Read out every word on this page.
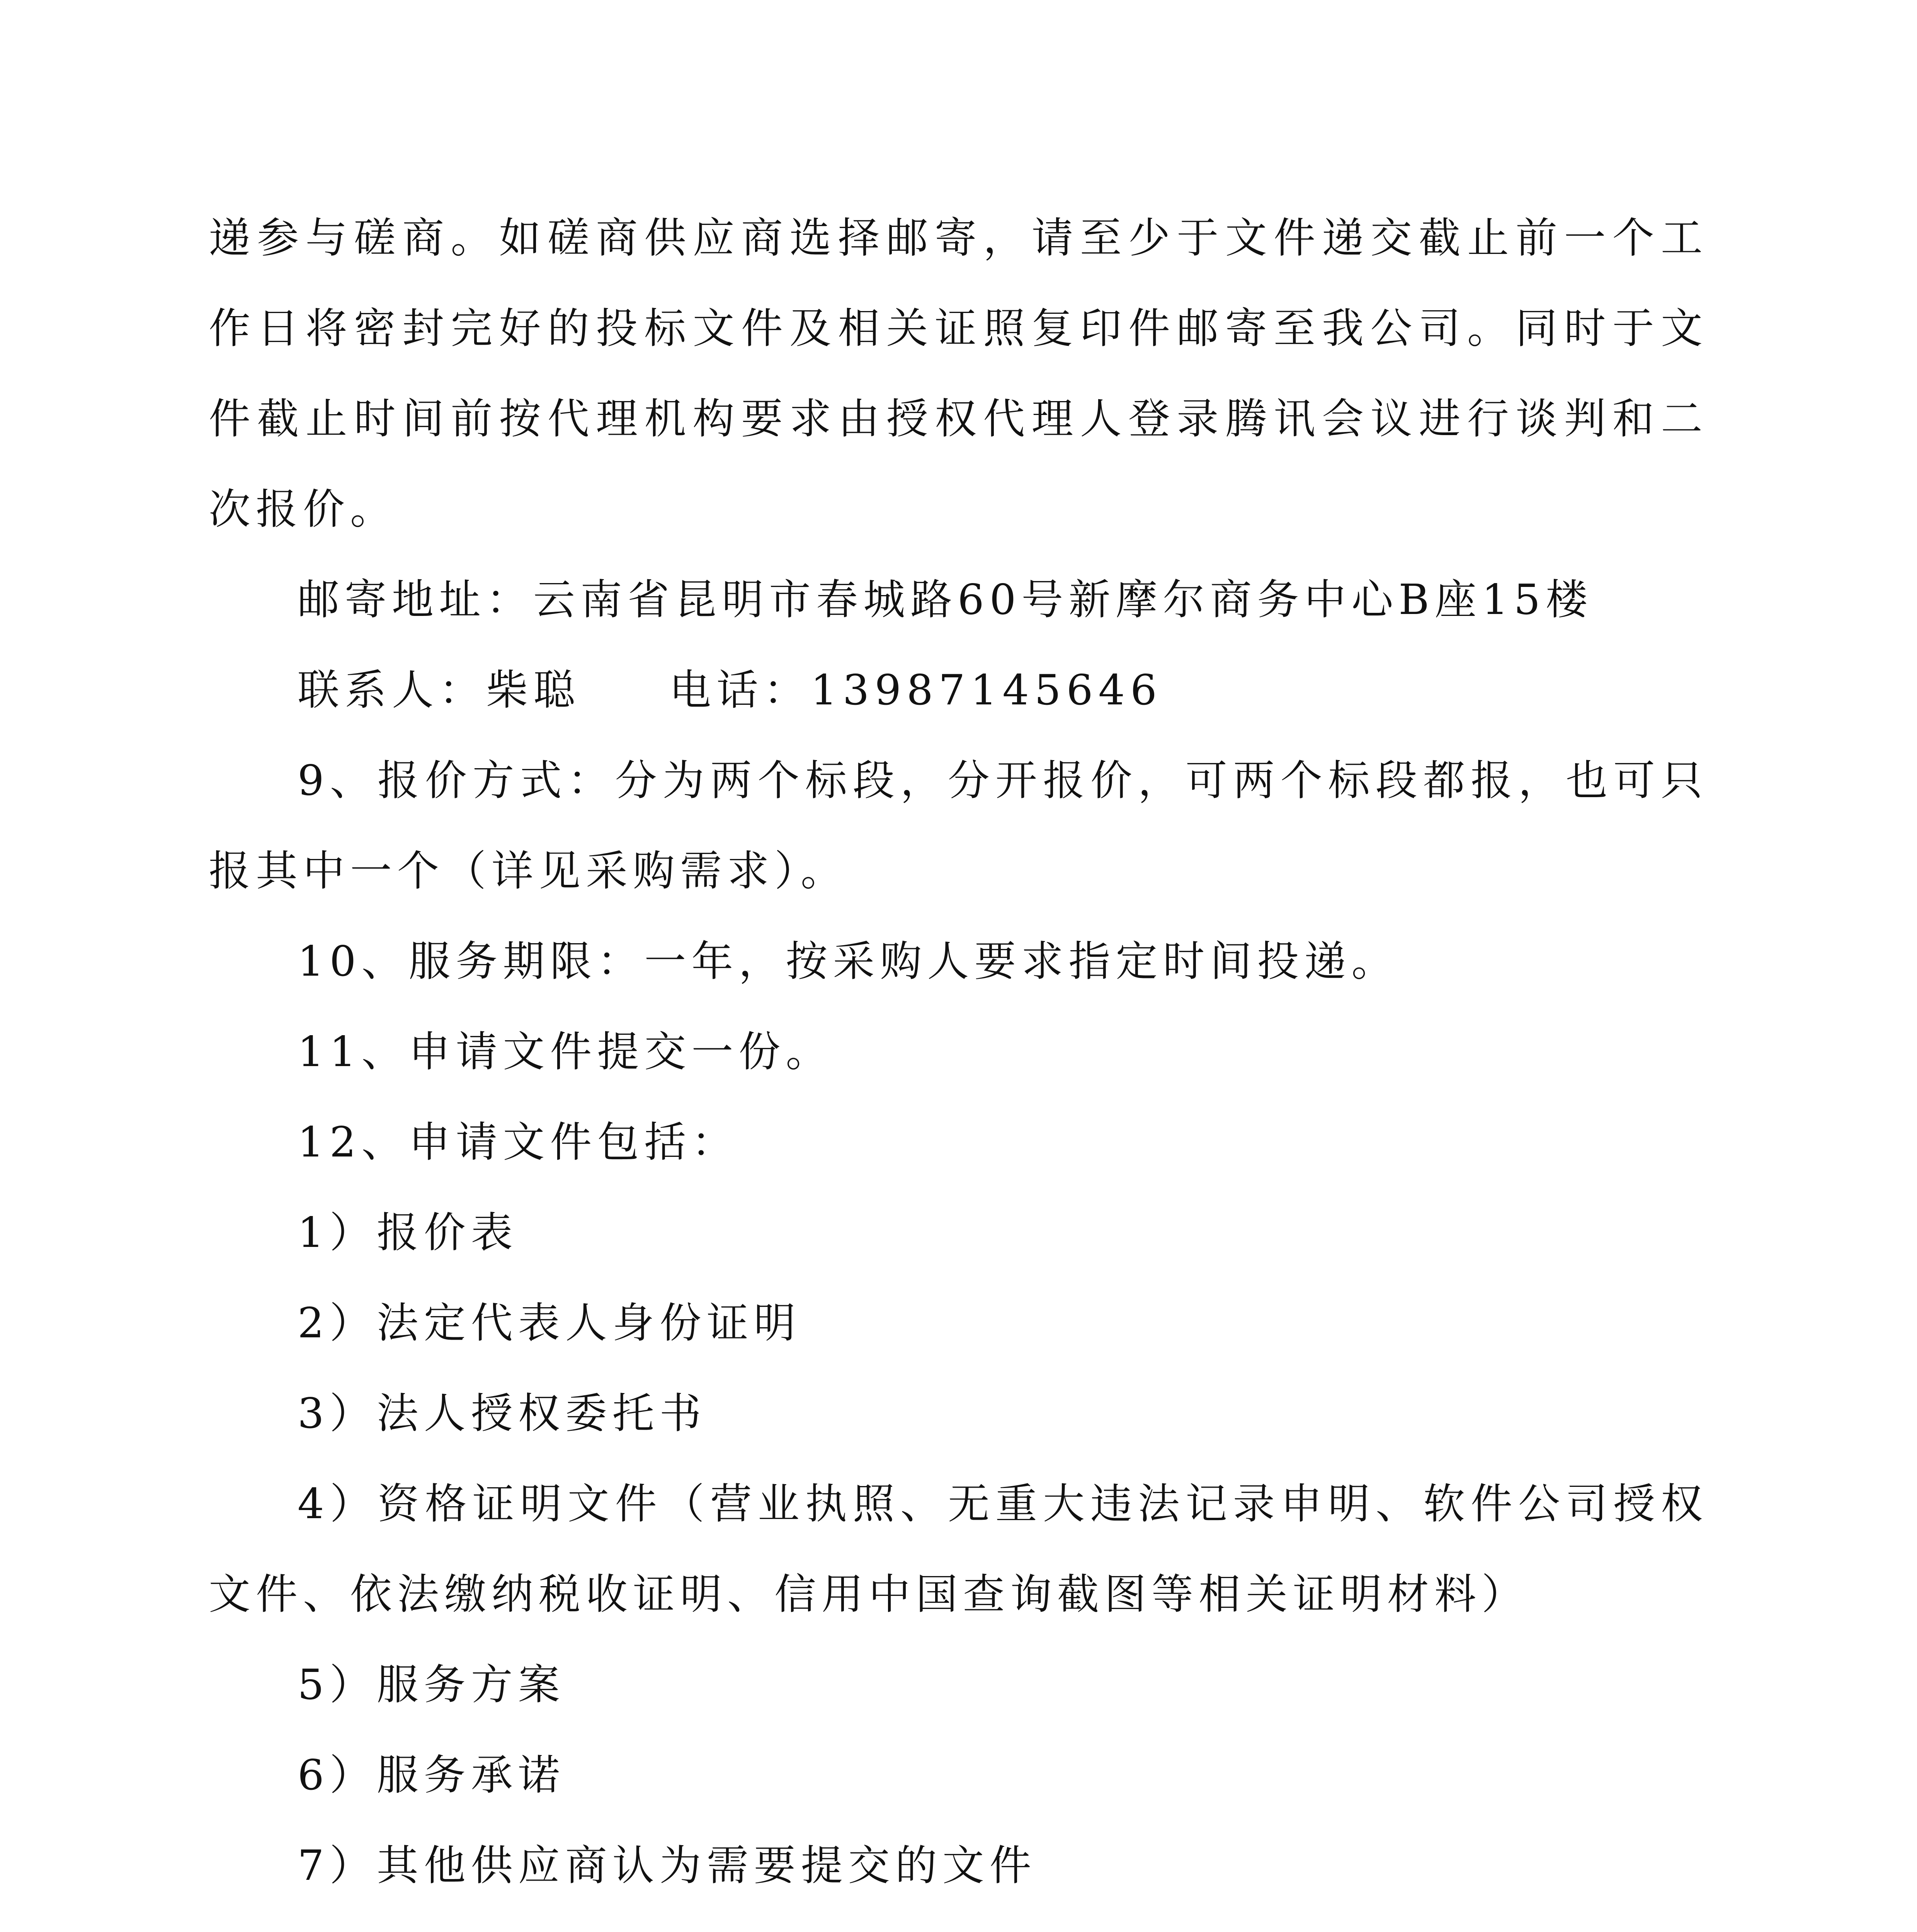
递参与磋商。如磋商供应商选择邮寄，请至少于文件递交截止前一个工作日将密封完好的投标文件及相关证照复印件邮寄至我公司。同时于文件截止时间前按代理机构要求由授权代理人登录腾讯会议进行谈判和二次报价。

邮寄地址：云南省昆明市春城路60号新摩尔商务中心B座15楼

联系人：柴聪 电话：13987145646

9、报价方式：分为两个标段，分开报价，可两个标段都报，也可只报其中一个（详见采购需求）。

10、服务期限：一年，按采购人要求指定时间投递。

11、申请文件提交一份。

12、申请文件包括：

1）报价表

2）法定代表人身份证明

3）法人授权委托书

4）资格证明文件（营业执照、无重大违法记录申明、软件公司授权文件、依法缴纳税收证明、信用中国查询截图等相关证明材料）

5）服务方案

6）服务承诺

7）其他供应商认为需要提交的文件
